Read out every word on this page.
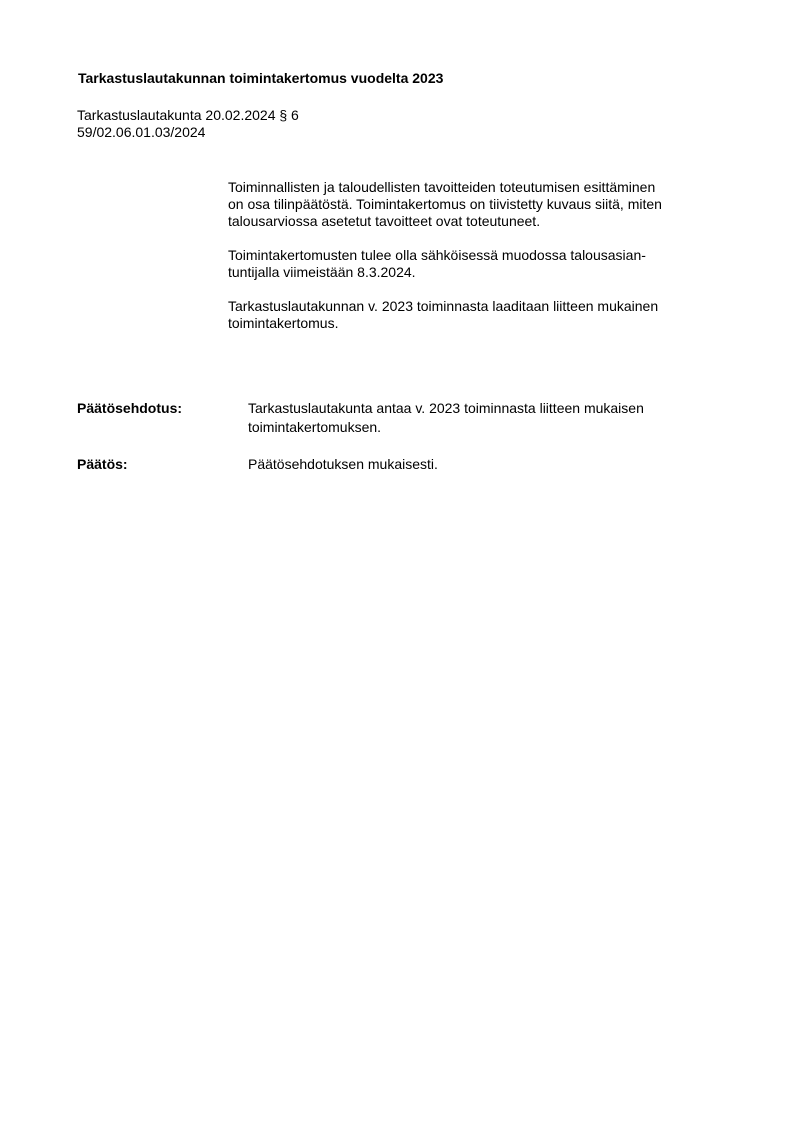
Tarkastuslautakunnan toimintakertomus vuodelta 2023
Tarkastuslautakunta 20.02.2024 § 6
59/02.06.01.03/2024

Toiminnallisten ja taloudellisten tavoitteiden toteutumisen esittäminen
on osa tilinpäätöstä. Toimintakertomus on tiivistetty kuvaus siitä, miten
talousarviossa asetetut tavoitteet ovat toteutuneet.

Toimintakertomusten tulee olla sähköisessä muodossa talousasian-
tuntijalla viimeistään 8.3.2024.

Tarkastuslautakunnan v. 2023 toiminnasta laaditaan liitteen mukainen
toimintakertomus.

Päätösehdotus:	Tarkastuslautakunta antaa v. 2023 toiminnasta liitteen mukaisen
toimintakertomuksen.
Päätös:	Päätösehdotuksen mukaisesti.
